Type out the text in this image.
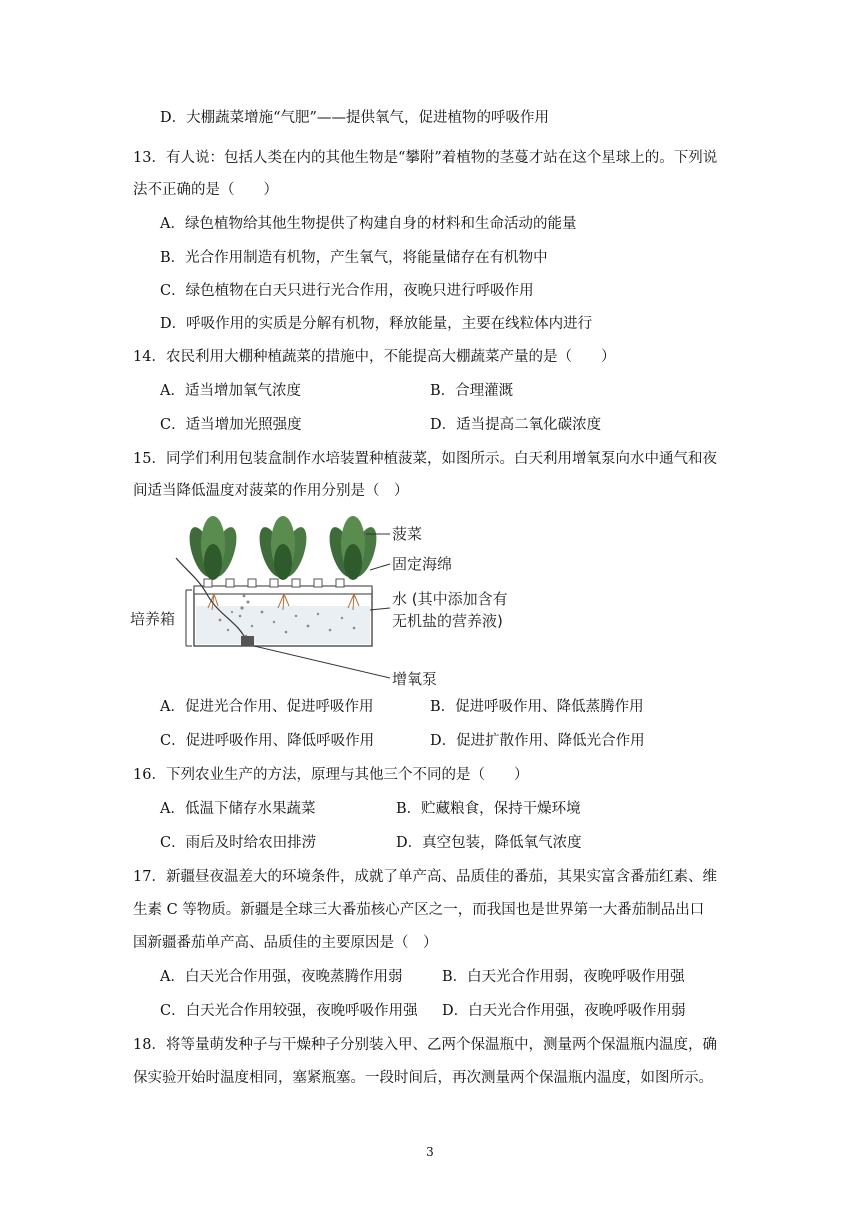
D．大棚蔬菜增施“气肥”——提供氧气，促进植物的呼吸作用
13．有人说：包括人类在内的其他生物是“攀附”着植物的茎蔓才站在这个星球上的。下列说
法不正确的是（　　）
A．绿色植物给其他生物提供了构建自身的材料和生命活动的能量
B．光合作用制造有机物，产生氧气，将能量储存在有机物中
C．绿色植物在白天只进行光合作用，夜晚只进行呼吸作用
D．呼吸作用的实质是分解有机物，释放能量，主要在线粒体内进行
14．农民利用大棚种植蔬菜的措施中，不能提高大棚蔬菜产量的是（　　）
A．适当增加氧气浓度	B．合理灌溉
C．适当增加光照强度	D．适当提高二氧化碳浓度
15．同学们利用包装盒制作水培装置种植菠菜，如图所示。白天利用增氧泵向水中通气和夜
间适当降低温度对菠菜的作用分别是（　）
菠菜
固定海绵
水 (其中添加含有
无机盐的营养液)
培养箱
增氧泵
A．促进光合作用、促进呼吸作用	B．促进呼吸作用、降低蒸腾作用
C．促进呼吸作用、降低呼吸作用	D．促进扩散作用、降低光合作用
16．下列农业生产的方法，原理与其他三个不同的是（　　）
A．低温下储存水果蔬菜	B．贮藏粮食，保持干燥环境
C．雨后及时给农田排涝	D．真空包装，降低氧气浓度
17．新疆昼夜温差大的环境条件，成就了单产高、品质佳的番茄，其果实富含番茄红素、维
生素 C 等物质。新疆是全球三大番茄核心产区之一，而我国也是世界第一大番茄制品出口
国新疆番茄单产高、品质佳的主要原因是（　）
A．白天光合作用强，夜晚蒸腾作用弱	B．白天光合作用弱，夜晚呼吸作用强
C．白天光合作用较强，夜晚呼吸作用强 D．白天光合作用强，夜晚呼吸作用弱
18．将等量萌发种子与干燥种子分别装入甲、乙两个保温瓶中，测量两个保温瓶内温度，确
保实验开始时温度相同，塞紧瓶塞。一段时间后，再次测量两个保温瓶内温度，如图所示。
3
